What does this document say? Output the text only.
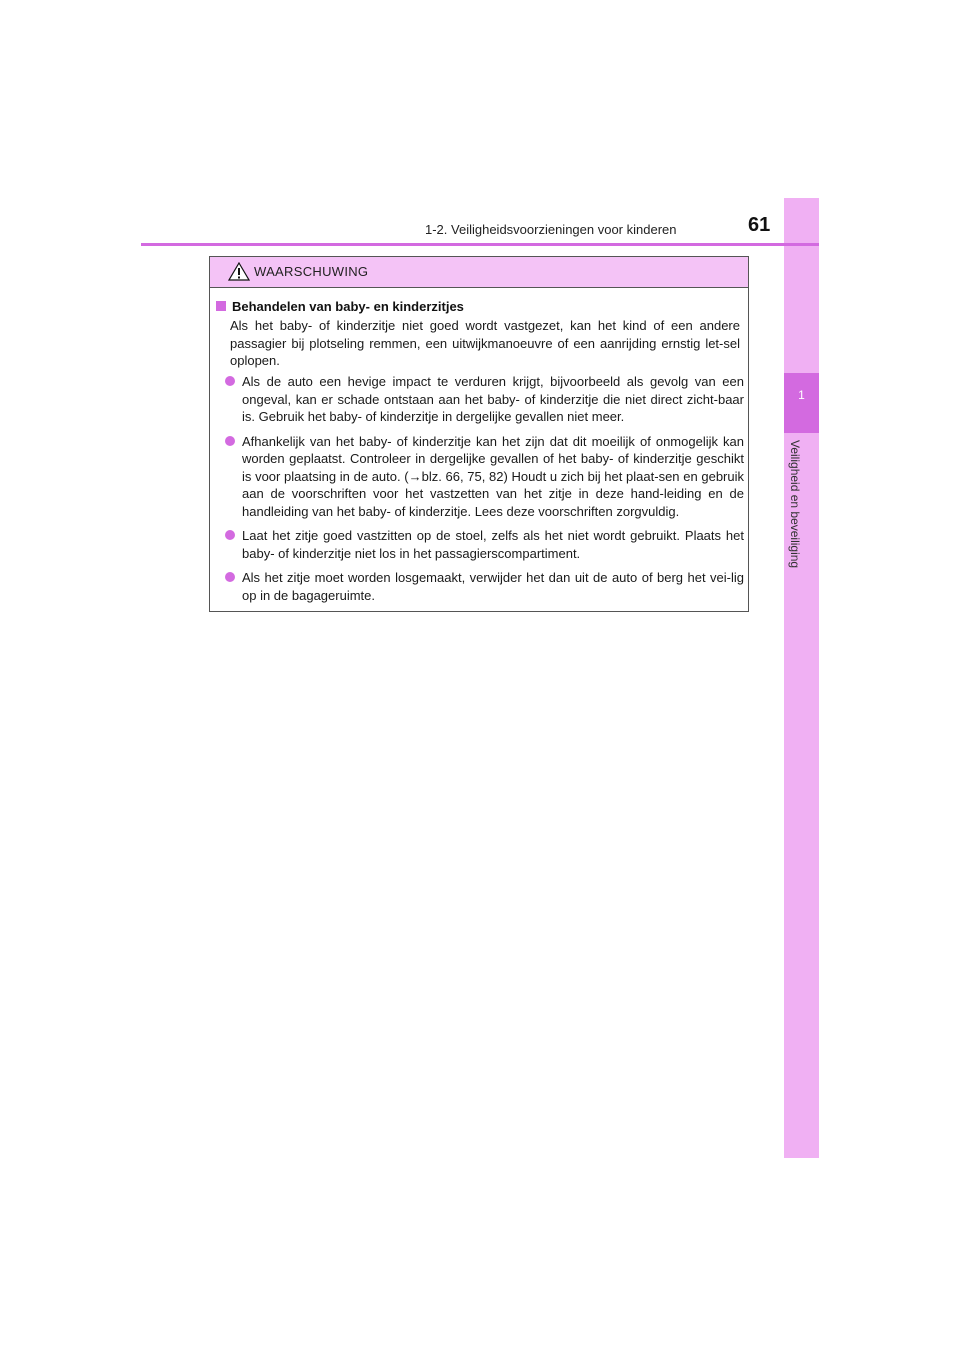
1
Veiligheid en beveiliging
1-2. Veiligheidsvoorzieningen voor kinderen	61
WAARSCHUWING
Behandelen van baby- en kinderzitjes
Als het baby- of kinderzitje niet goed wordt vastgezet, kan het kind of een andere passagier bij plotseling remmen, een uitwijkmanoeuvre of een aanrijding ernstig let-sel oplopen.
Als de auto een hevige impact te verduren krijgt, bijvoorbeeld als gevolg van een ongeval, kan er schade ontstaan aan het baby- of kinderzitje die niet direct zicht-baar is. Gebruik het baby- of kinderzitje in dergelijke gevallen niet meer.
Afhankelijk van het baby- of kinderzitje kan het zijn dat dit moeilijk of onmogelijk kan worden geplaatst. Controleer in dergelijke gevallen of het baby- of kinderzitje geschikt is voor plaatsing in de auto. (→blz. 66, 75, 82) Houdt u zich bij het plaat-sen en gebruik aan de voorschriften voor het vastzetten van het zitje in deze hand-leiding en de handleiding van het baby- of kinderzitje. Lees deze voorschriften zorgvuldig.
Laat het zitje goed vastzitten op de stoel, zelfs als het niet wordt gebruikt. Plaats het baby- of kinderzitje niet los in het passagierscompartiment.
Als het zitje moet worden losgemaakt, verwijder het dan uit de auto of berg het vei-lig op in de bagageruimte.
